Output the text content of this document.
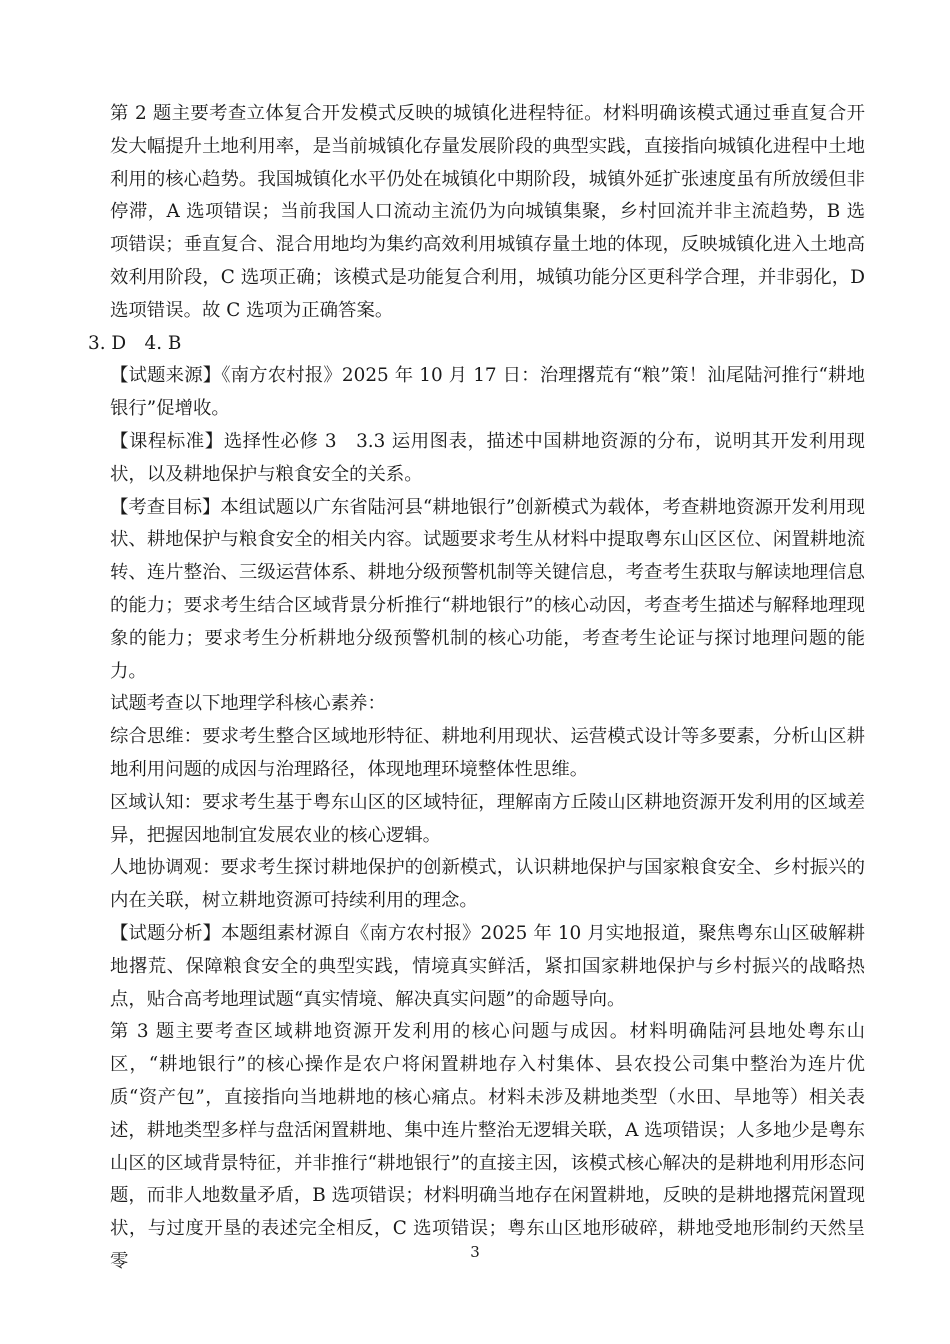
第 2 题主要考查立体复合开发模式反映的城镇化进程特征。材料明确该模式通过垂直复合开发大幅提升土地利用率，是当前城镇化存量发展阶段的典型实践，直接指向城镇化进程中土地利用的核心趋势。我国城镇化水平仍处在城镇化中期阶段，城镇外延扩张速度虽有所放缓但非停滞，A 选项错误；当前我国人口流动主流仍为向城镇集聚，乡村回流并非主流趋势，B 选项错误；垂直复合、混合用地均为集约高效利用城镇存量土地的体现，反映城镇化进入土地高效利用阶段，C 选项正确；该模式是功能复合利用，城镇功能分区更科学合理，并非弱化，D 选项错误。故 C 选项为正确答案。

3. D　4. B

【试题来源】《南方农村报》2025 年 10 月 17 日：治理撂荒有“粮”策！汕尾陆河推行“耕地银行”促增收。

【课程标准】选择性必修 3　3.3 运用图表，描述中国耕地资源的分布，说明其开发利用现状，以及耕地保护与粮食安全的关系。

【考查目标】本组试题以广东省陆河县“耕地银行”创新模式为载体，考查耕地资源开发利用现状、耕地保护与粮食安全的相关内容。试题要求考生从材料中提取粤东山区区位、闲置耕地流转、连片整治、三级运营体系、耕地分级预警机制等关键信息，考查考生获取与解读地理信息的能力；要求考生结合区域背景分析推行“耕地银行”的核心动因，考查考生描述与解释地理现象的能力；要求考生分析耕地分级预警机制的核心功能，考查考生论证与探讨地理问题的能力。

试题考查以下地理学科核心素养：

综合思维：要求考生整合区域地形特征、耕地利用现状、运营模式设计等多要素，分析山区耕地利用问题的成因与治理路径，体现地理环境整体性思维。

区域认知：要求考生基于粤东山区的区域特征，理解南方丘陵山区耕地资源开发利用的区域差异，把握因地制宜发展农业的核心逻辑。

人地协调观：要求考生探讨耕地保护的创新模式，认识耕地保护与国家粮食安全、乡村振兴的内在关联，树立耕地资源可持续利用的理念。

【试题分析】本题组素材源自《南方农村报》2025 年 10 月实地报道，聚焦粤东山区破解耕地撂荒、保障粮食安全的典型实践，情境真实鲜活，紧扣国家耕地保护与乡村振兴的战略热点，贴合高考地理试题“真实情境、解决真实问题”的命题导向。

第 3 题主要考查区域耕地资源开发利用的核心问题与成因。材料明确陆河县地处粤东山区，“耕地银行”的核心操作是农户将闲置耕地存入村集体、县农投公司集中整治为连片优质“资产包”，直接指向当地耕地的核心痛点。材料未涉及耕地类型（水田、旱地等）相关表述，耕地类型多样与盘活闲置耕地、集中连片整治无逻辑关联，A 选项错误；人多地少是粤东山区的区域背景特征，并非推行“耕地银行”的直接主因，该模式核心解决的是耕地利用形态问题，而非人地数量矛盾，B 选项错误；材料明确当地存在闲置耕地，反映的是耕地撂荒闲置现状，与过度开垦的表述完全相反，C 选项错误；粤东山区地形破碎，耕地受地形制约天然呈零	3
